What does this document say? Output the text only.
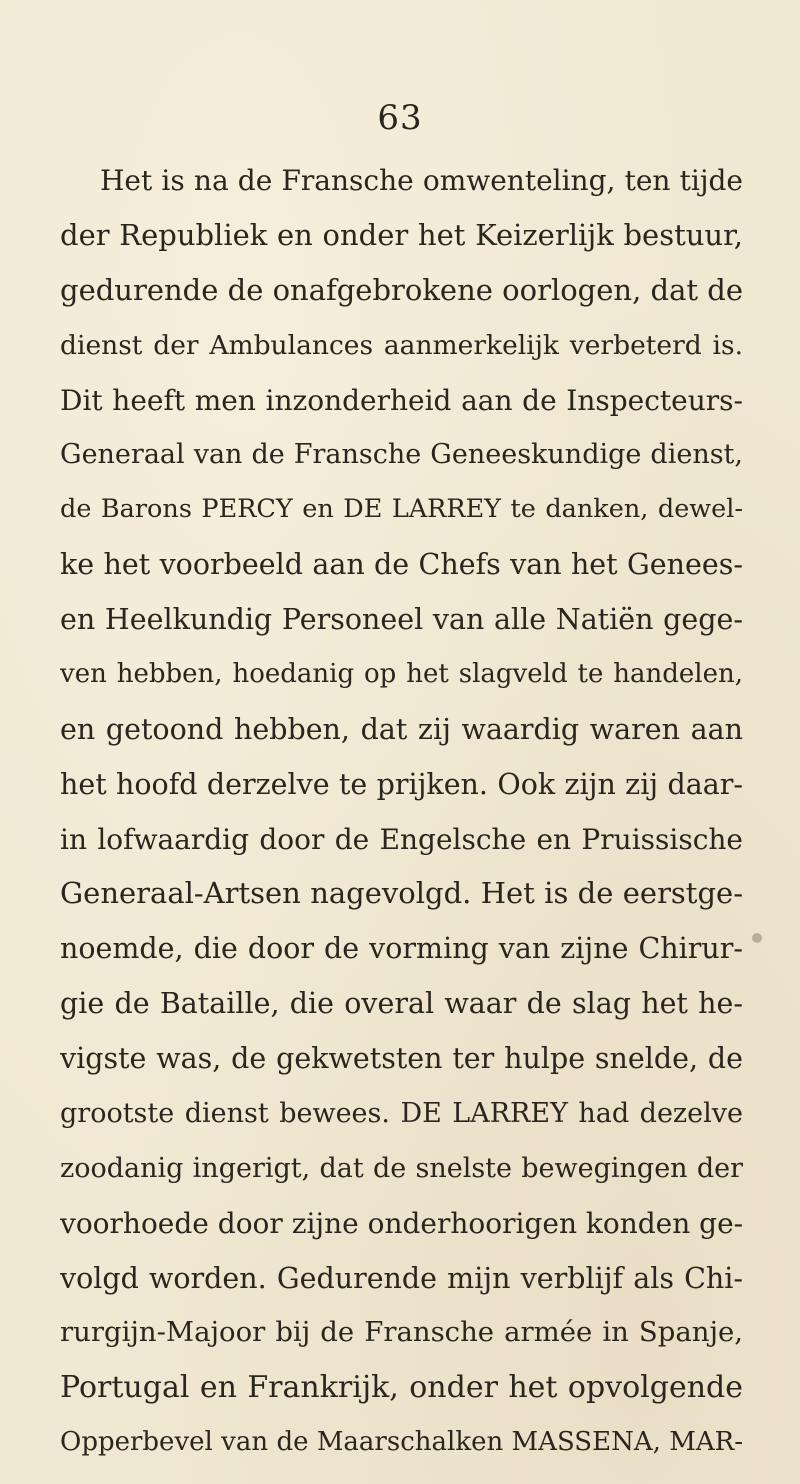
63
Het is na de Fransche omwenteling, ten tijde
der Republiek en onder het Keizerlijk bestuur,
gedurende de onafgebrokene oorlogen, dat de
dienst der Ambulances aanmerkelijk verbeterd is.
Dit heeft men inzonderheid aan de Inspecteurs-
Generaal van de Fransche Geneeskundige dienst,
de Barons PERCY en DE LARREY te danken, dewel-
ke het voorbeeld aan de Chefs van het Genees-
en Heelkundig Personeel van alle Natiën gege-
ven hebben, hoedanig op het slagveld te handelen,
en getoond hebben, dat zij waardig waren aan
het hoofd derzelve te prijken. Ook zijn zij daar-
in lofwaardig door de Engelsche en Pruissische
Generaal-Artsen nagevolgd. Het is de eerstge-
noemde, die door de vorming van zijne Chirur-
gie de Bataille, die overal waar de slag het he-
vigste was, de gekwetsten ter hulpe snelde, de
grootste dienst bewees. DE LARREY had dezelve
zoodanig ingerigt, dat de snelste bewegingen der
voorhoede door zijne onderhoorigen konden ge-
volgd worden. Gedurende mijn verblijf als Chi-
rurgijn-Majoor bij de Fransche armée in Spanje,
Portugal en Frankrijk, onder het opvolgende
Opperbevel van de Maarschalken MASSENA, MAR-
